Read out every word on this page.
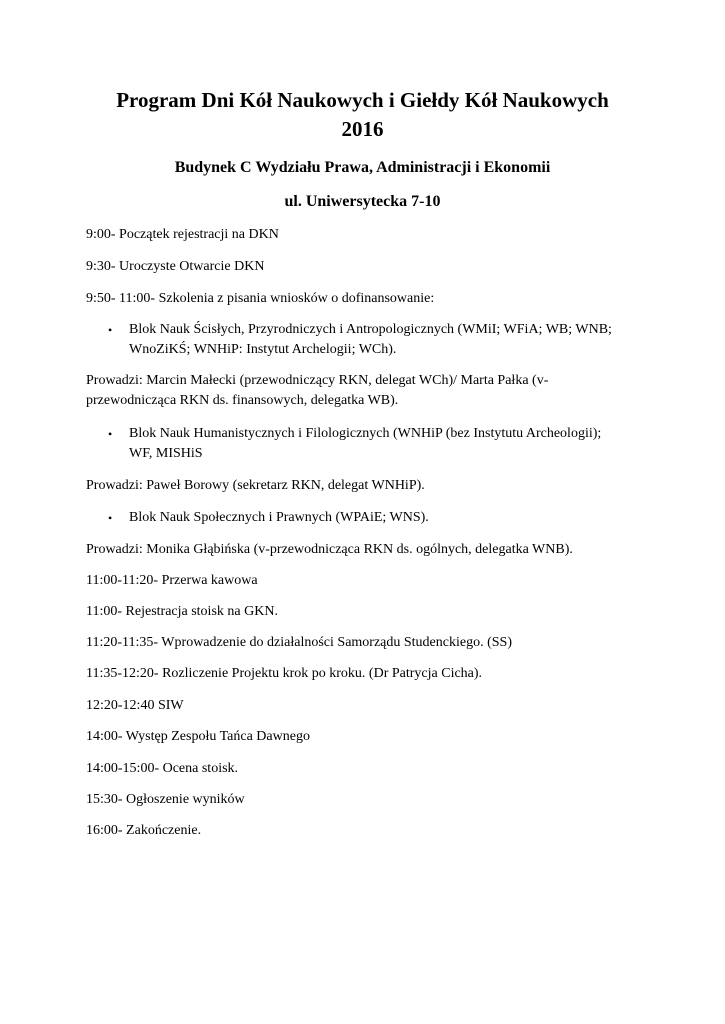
Program Dni Kół Naukowych i Giełdy Kół Naukowych
2016
Budynek C Wydziału Prawa, Administracji i Ekonomii
ul. Uniwersytecka 7-10
9:00- Początek rejestracji na DKN
9:30- Uroczyste Otwarcie DKN
9:50- 11:00- Szkolenia z pisania wniosków o dofinansowanie:
•	Blok Nauk Ścisłych, Przyrodniczych i Antropologicznych (WMiI; WFiA; WB; WNB;
WnoZiKŚ; WNHiP: Instytut Archelogii; WCh).
Prowadzi: Marcin Małecki (przewodniczący RKN, delegat WCh)/ Marta Pałka (v-
przewodnicząca RKN ds. finansowych, delegatka WB).
•	Blok Nauk Humanistycznych i Filologicznych (WNHiP (bez Instytutu Archeologii);
WF, MISHiS
Prowadzi: Paweł Borowy (sekretarz RKN, delegat WNHiP).
•	Blok Nauk Społecznych i Prawnych (WPAiE; WNS).
Prowadzi: Monika Głąbińska (v-przewodnicząca RKN ds. ogólnych, delegatka WNB).
11:00-11:20- Przerwa kawowa
11:00- Rejestracja stoisk na GKN.
11:20-11:35- Wprowadzenie do działalności Samorządu Studenckiego. (SS)
11:35-12:20- Rozliczenie Projektu krok po kroku. (Dr Patrycja Cicha).
12:20-12:40 SIW
14:00- Występ Zespołu Tańca Dawnego
14:00-15:00- Ocena stoisk.
15:30- Ogłoszenie wyników
16:00- Zakończenie.
